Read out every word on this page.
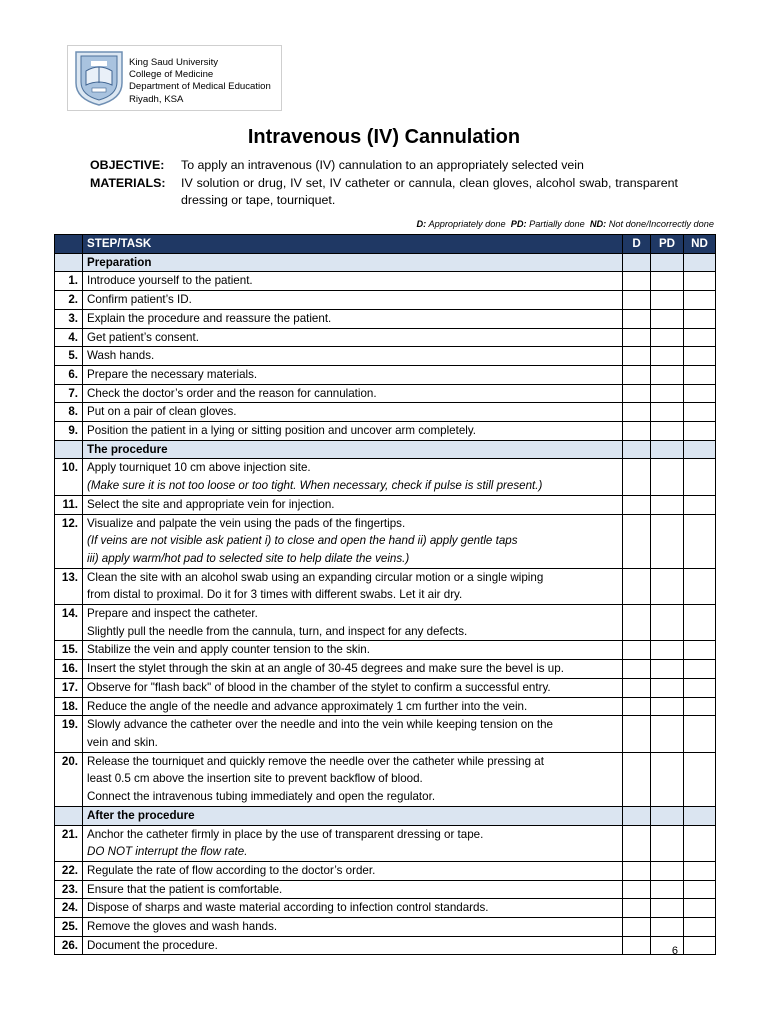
King Saud University
College of Medicine
Department of Medical Education
Riyadh, KSA
Intravenous (IV) Cannulation
OBJECTIVE: To apply an intravenous (IV) cannulation to an appropriately selected vein
MATERIALS: IV solution or drug, IV set, IV catheter or cannula, clean gloves, alcohol swab, transparent dressing or tape, tourniquet.
D: Appropriately done PD: Partially done ND: Not done/Incorrectly done
	STEP/TASK	D	PD	ND
	Preparation			
1.	Introduce yourself to the patient.			

2.	Confirm patient’s ID.			

3.	Explain the procedure and reassure the patient.			

4.	Get patient’s consent.			

5.	Wash hands.			

6.	Prepare the necessary materials.			

7.	Check the doctor’s order and the reason for cannulation.			

8.	Put on a pair of clean gloves.			

9.	Position the patient in a lying or sitting position and uncover arm completely.			

	The procedure			
10.	Apply tourniquet 10 cm above injection site.
(Make sure it is not too loose or too tight. When necessary, check if pulse is still present.)			

11.	Select the site and appropriate vein for injection.			

12.	Visualize and palpate the vein using the pads of the fingertips.
(If veins are not visible ask patient i) to close and open the hand ii) apply gentle taps
iii) apply warm/hot pad to selected site to help dilate the veins.)			

13.	Clean the site with an alcohol swab using an expanding circular motion or a single wiping
from distal to proximal. Do it for 3 times with different swabs. Let it air dry.			

14.	Prepare and inspect the catheter.
Slightly pull the needle from the cannula, turn, and inspect for any defects.			

15.	Stabilize the vein and apply counter tension to the skin.			

16.	Insert the stylet through the skin at an angle of 30-45 degrees and make sure the bevel is up.			

17.	Observe for "flash back" of blood in the chamber of the stylet to confirm a successful entry.			

18.	Reduce the angle of the needle and advance approximately 1 cm further into the vein.			

19.	Slowly advance the catheter over the needle and into the vein while keeping tension on the
vein and skin.			

20.	Release the tourniquet and quickly remove the needle over the catheter while pressing at
least 0.5 cm above the insertion site to prevent backflow of blood.
Connect the intravenous tubing immediately and open the regulator.			

	After the procedure			
21.	Anchor the catheter firmly in place by the use of transparent dressing or tape.
DO NOT interrupt the flow rate.			

22.	Regulate the rate of flow according to the doctor’s order.			

23.	Ensure that the patient is comfortable.			

24.	Dispose of sharps and waste material according to infection control standards.			

25.	Remove the gloves and wash hands.			

26.	Document the procedure.			
				6
